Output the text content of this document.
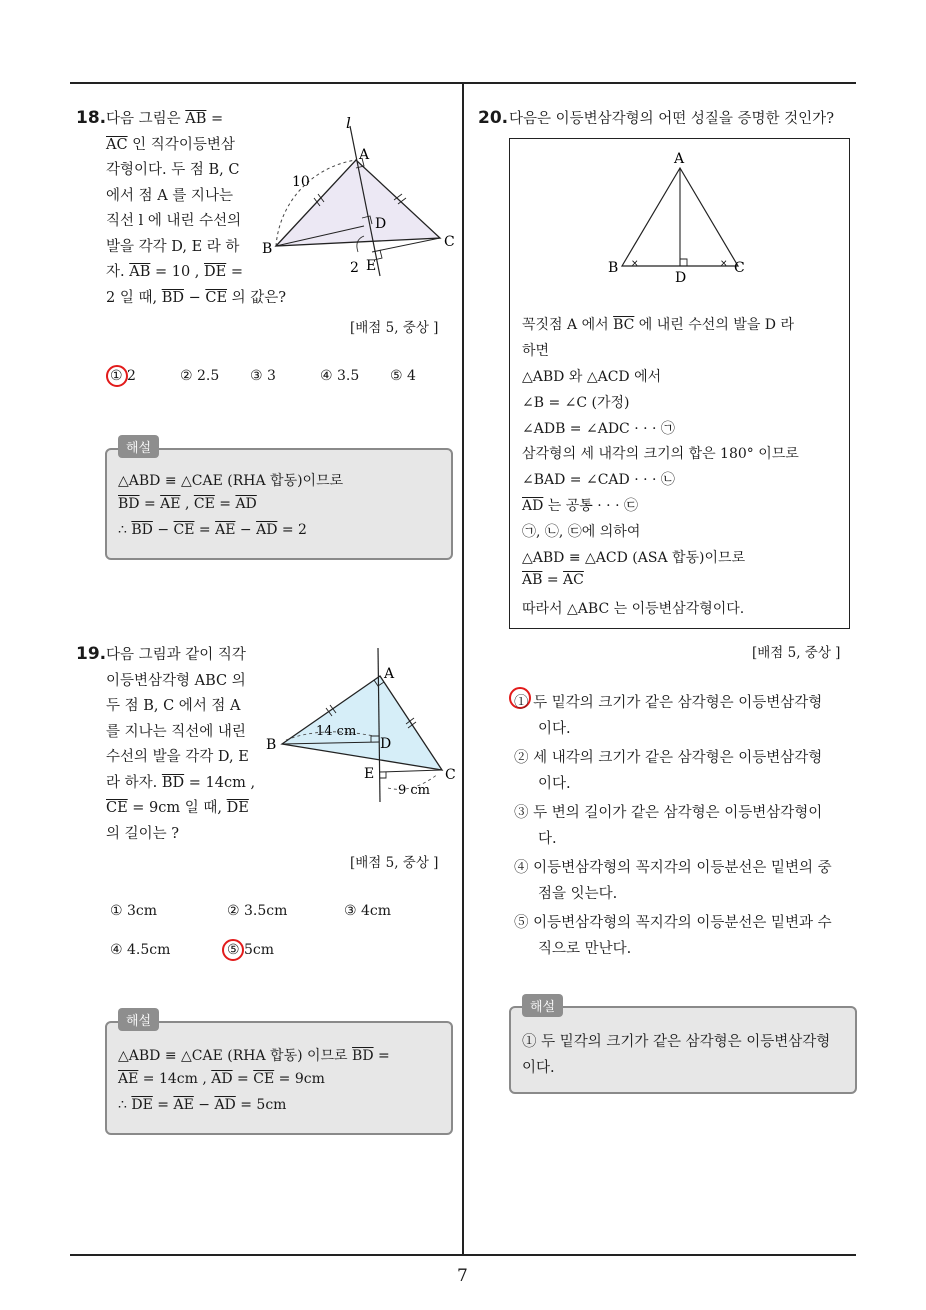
18. 다음 그림은 $\overline{AB}$ =
$\overline{AC}$ 인 직각이등변삼
각형이다. 두 점 B, C
에서 점 A 를 지나는
직선 l 에 내린 수선의
발을 각각 D, E 라 하
자. $\overline{AB} = 10$ , $\overline{DE}$ =
2 일 때, $\overline{BD} - \overline{CE}$ 의 값은?
l
A
B	C
D
E
10
2
[배점 5, 중상 ]
① 2	② 2.5 ③ 3	④ 3.5 ⑤ 4
해설
△ABD ≡ △CAE (RHA 합동)이므로
$\overline{BD} = \overline{AE}$ , $\overline{CE} = \overline{AD}$
∴ $\overline{BD} - \overline{CE} = \overline{AE} - \overline{AD} = 2$
19. 다음 그림과 같이 직각
이등변삼각형 ABC 의
두 점 B, C 에서 점 A
를 지나는 직선에 내린
수선의 발을 각각 D, E
라 하자. $\overline{BD} = 14cm$ ,
$\overline{CE} = 9cm$ 일 때, $\overline{DE}$
의 길이는 ?
A
B
C
D
E
14 cm
9 cm
[배점 5, 중상 ]
① 3cm	② 3.5cm	③ 4cm
④ 4.5cm	⑤ 5cm
해설
△ABD ≡ △CAE (RHA 합동) 이므로 $\overline{BD}$ =
$\overline{AE} = 14cm$ , $\overline{AD} = \overline{CE} = 9cm$
∴ $\overline{DE} = \overline{AE} - \overline{AD} = 5cm$
20. 다음은 이등변삼각형의 어떤 성질을 증명한 것인가?
A
B	C
D
×	×
꼭짓점 A 에서 $\overline{BC}$ 에 내린 수선의 발을 D 라
하면
△ABD 와 △ACD 에서
∠B = ∠C (가정)
∠ADB = ∠ADC · · · ㉠
삼각형의 세 내각의 크기의 합은 180° 이므로
∠BAD = ∠CAD · · · ㉡
$\overline{AD}$ 는 공통 · · · ㉢
㉠, ㉡, ㉢에 의하여
△ABD ≡ △ACD (ASA 합동)이므로
$\overline{AB} = \overline{AC}$
따라서 △ABC 는 이등변삼각형이다.
[배점 5, 중상 ]
① 두 밑각의 크기가 같은 삼각형은 이등변삼각형
이다.
② 세 내각의 크기가 같은 삼각형은 이등변삼각형
이다.
③ 두 변의 길이가 같은 삼각형은 이등변삼각형이
다.
④ 이등변삼각형의 꼭지각의 이등분선은 밑변의 중
점을 잇는다.
⑤ 이등변삼각형의 꼭지각의 이등분선은 밑변과 수
직으로 만난다.
해설
① 두 밑각의 크기가 같은 삼각형은 이등변삼각형
이다.
7
